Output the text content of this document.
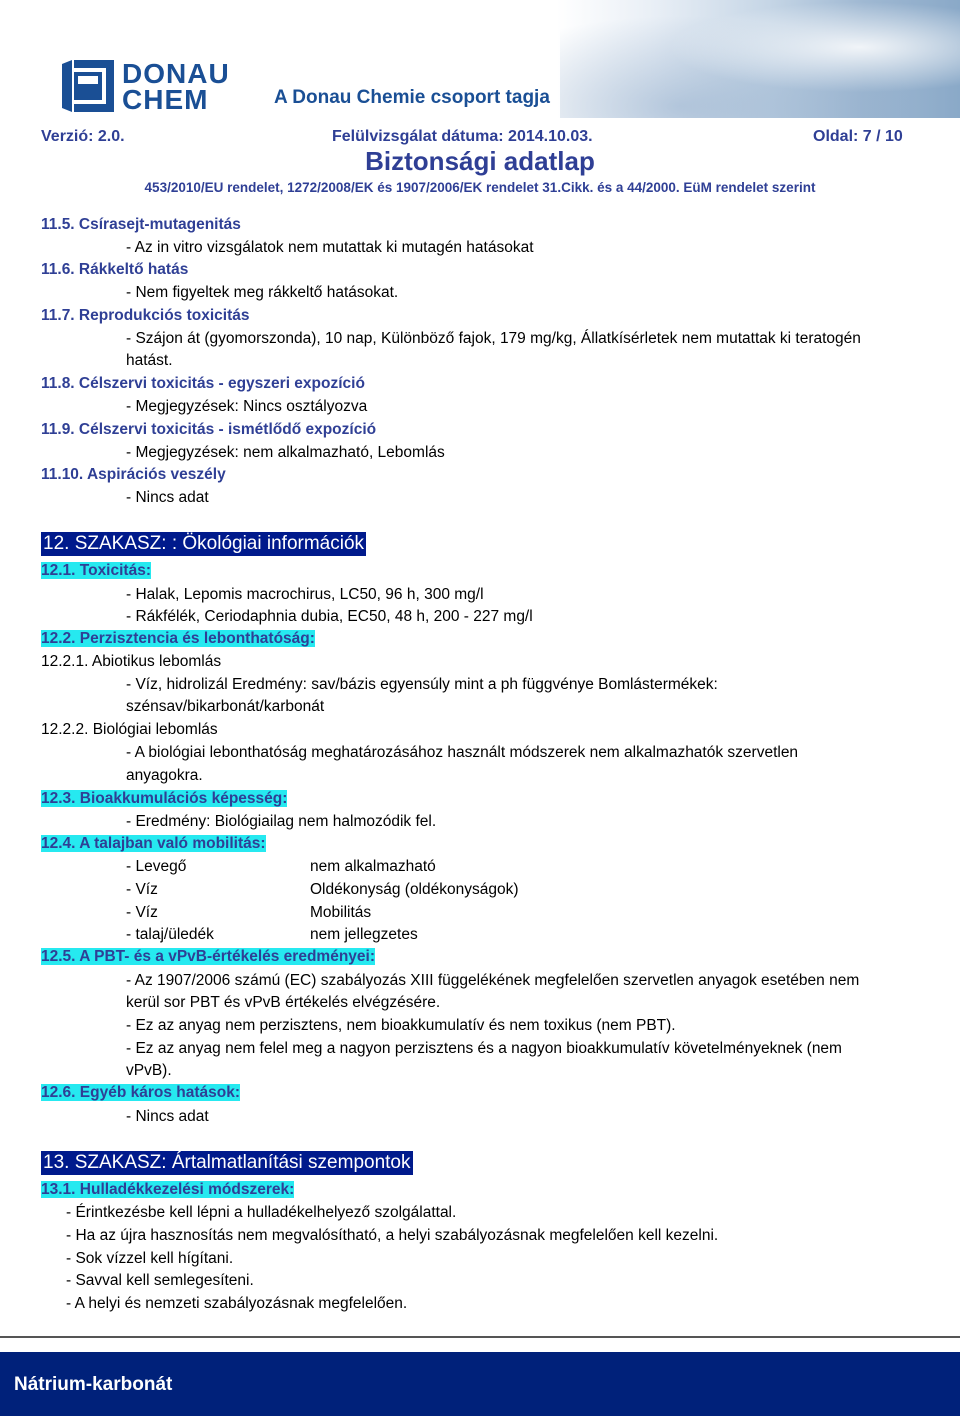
DONAU
CHEM	A Donau Chemie csoport tagja
Verzió: 2.0.	Felülvizsgálat dátuma: 2014.10.03.	Oldal: 7 / 10
Biztonsági adatlap
453/2010/EU rendelet, 1272/2008/EK és 1907/2006/EK rendelet 31.Cikk. és a 44/2000. EüM rendelet szerint
11.5. Csírasejt-mutagenitás
- Az in vitro vizsgálatok nem mutattak ki mutagén hatásokat
11.6. Rákkeltő hatás
- Nem figyeltek meg rákkeltő hatásokat.
11.7. Reprodukciós toxicitás
- Szájon át (gyomorszonda), 10 nap, Különböző fajok, 179 mg/kg, Állatkísérletek nem mutattak ki teratogén
hatást.
11.8. Célszervi toxicitás - egyszeri expozíció
- Megjegyzések: Nincs osztályozva
11.9. Célszervi toxicitás - ismétlődő expozíció
- Megjegyzések: nem alkalmazható, Lebomlás
11.10. Aspirációs veszély
- Nincs adat
12. SZAKASZ: : Ökológiai információk
12.1. Toxicitás:
- Halak, Lepomis macrochirus, LC50, 96 h, 300 mg/l
- Rákfélék, Ceriodaphnia dubia, EC50, 48 h, 200 - 227 mg/l
12.2. Perzisztencia és lebonthatóság:
12.2.1. Abiotikus lebomlás
- Víz, hidrolizál Eredmény: sav/bázis egyensúly mint a ph függvénye Bomlástermékek:
szénsav/bikarbonát/karbonát
12.2.2. Biológiai lebomlás
- A biológiai lebonthatóság meghatározásához használt módszerek nem alkalmazhatók szervetlen
anyagokra.
12.3. Bioakkumulációs képesség:
- Eredmény: Biológiailag nem halmozódik fel.
12.4. A talajban való mobilitás:
- Levegő	nem alkalmazható
- Víz	Oldékonyság (oldékonyságok)
- Víz	Mobilitás
- talaj/üledék	nem jellegzetes
12.5. A PBT- és a vPvB-értékelés eredményei:
- Az 1907/2006 számú (EC) szabályozás XIII függelékének megfelelően szervetlen anyagok esetében nem
kerül sor PBT és vPvB értékelés elvégzésére.
- Ez az anyag nem perzisztens, nem bioakkumulatív és nem toxikus (nem PBT).
- Ez az anyag nem felel meg a nagyon perzisztens és a nagyon bioakkumulatív követelményeknek (nem
vPvB).
12.6. Egyéb káros hatások:
- Nincs adat
13. SZAKASZ: Ártalmatlanítási szempontok
13.1. Hulladékkezelési módszerek:
- Érintkezésbe kell lépni a hulladékelhelyező szolgálattal.
- Ha az újra hasznosítás nem megvalósítható, a helyi szabályozásnak megfelelően kell kezelni.
- Sok vízzel kell hígítani.
- Savval kell semlegesíteni.
- A helyi és nemzeti szabályozásnak megfelelően.
Nátrium-karbonát
